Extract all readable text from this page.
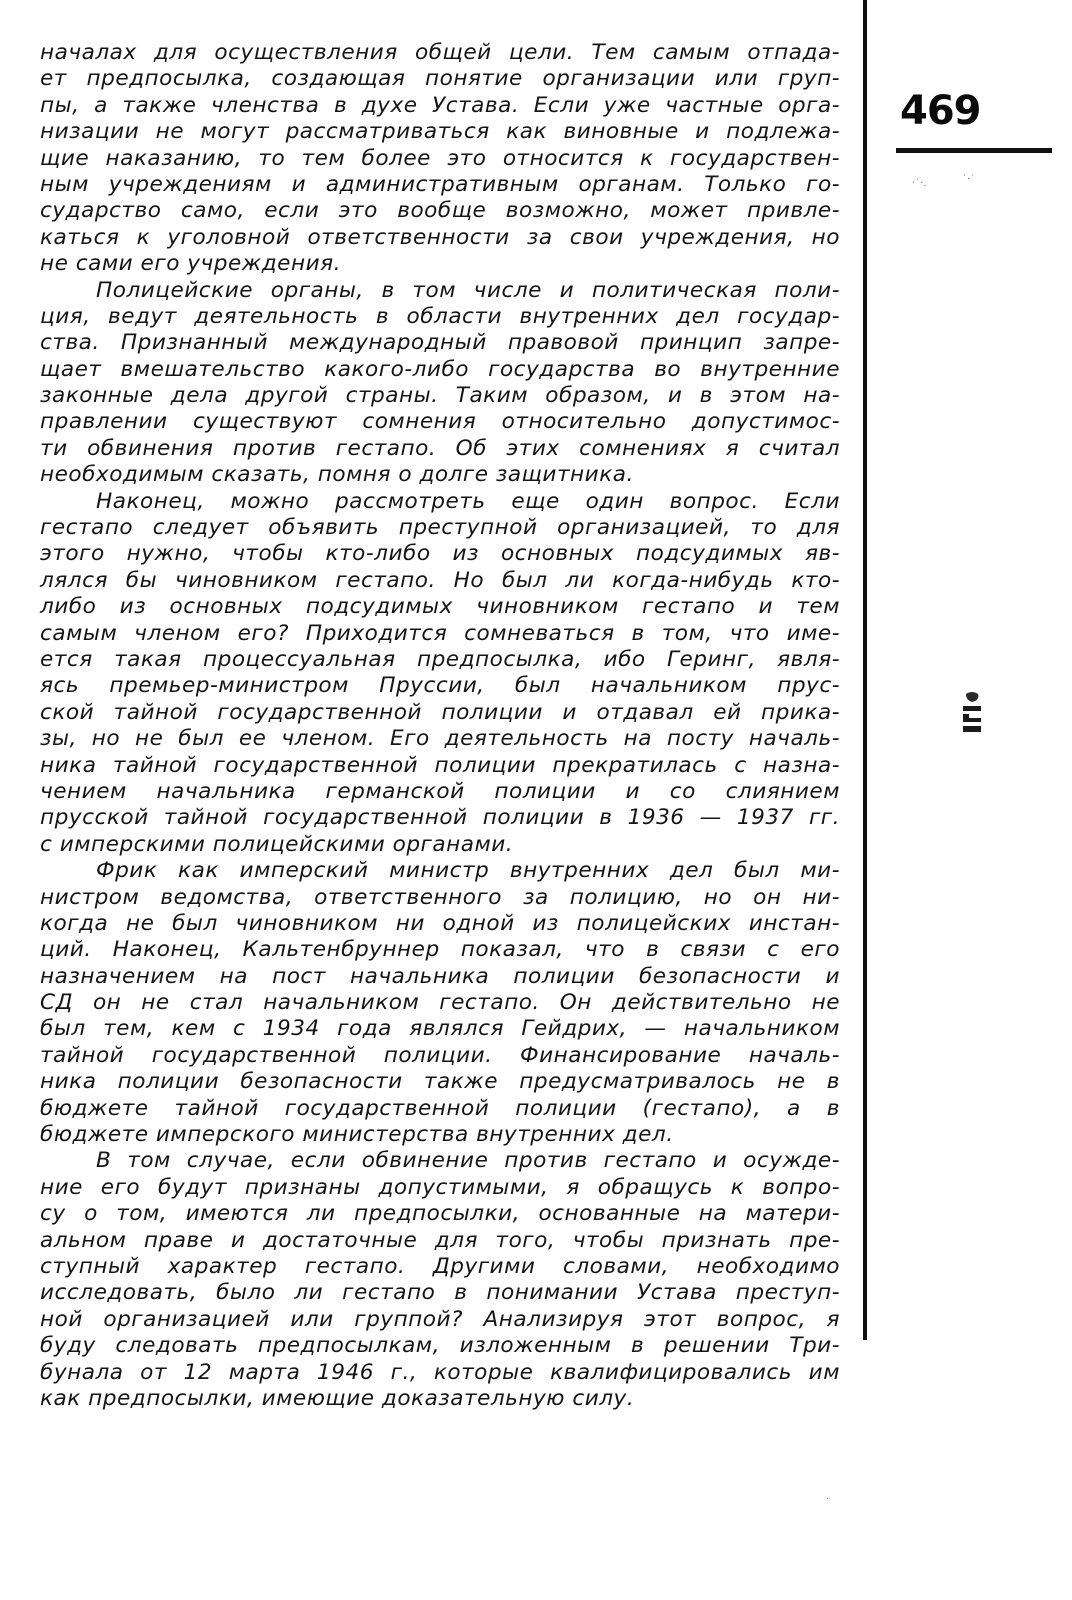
началах для осуществления общей цели. Тем самым отпада-
ет предпосылка, создающая понятие организации или груп-
пы, а также членства в духе Устава. Если уже частные орга-
низации не могут рассматриваться как виновные и подлежа-
щие наказанию, то тем более это относится к государствен-
ным учреждениям и административным органам. Только го-
сударство само, если это вообще возможно, может привле-
каться к уголовной ответственности за свои учреждения, но
не сами его учреждения.
Полицейские органы, в том числе и политическая поли-
ция, ведут деятельность в области внутренних дел государ-
ства. Признанный международный правовой принцип запре-
щает вмешательство какого-либо государства во внутренние
законные дела другой страны. Таким образом, и в этом на-
правлении существуют сомнения относительно допустимос-
ти обвинения против гестапо. Об этих сомнениях я считал
необходимым сказать, помня о долге защитника.
Наконец, можно рассмотреть еще один вопрос. Если
гестапо следует объявить преступной организацией, то для
этого нужно, чтобы кто-либо из основных подсудимых яв-
лялся бы чиновником гестапо. Но был ли когда-нибудь кто-
либо из основных подсудимых чиновником гестапо и тем
самым членом его? Приходится сомневаться в том, что име-
ется такая процессуальная предпосылка, ибо Геринг, явля-
ясь премьер-министром Пруссии, был начальником прус-
ской тайной государственной полиции и отдавал ей прика-
зы, но не был ее членом. Его деятельность на посту началь-
ника тайной государственной полиции прекратилась с назна-
чением начальника германской полиции и со слиянием
прусской тайной государственной полиции в 1936 — 1937 гг.
с имперскими полицейскими органами.
Фрик как имперский министр внутренних дел был ми-
нистром ведомства, ответственного за полицию, но он ни-
когда не был чиновником ни одной из полицейских инстан-
ций. Наконец, Кальтенбруннер показал, что в связи с его
назначением на пост начальника полиции безопасности и
СД он не стал начальником гестапо. Он действительно не
был тем, кем с 1934 года являлся Гейдрих, — начальником
тайной государственной полиции. Финансирование началь-
ника полиции безопасности также предусматривалось не в
бюджете тайной государственной полиции (гестапо), а в
бюджете имперского министерства внутренних дел.
В том случае, если обвинение против гестапо и осужде-
ние его будут признаны допустимыми, я обращусь к вопро-
су о том, имеются ли предпосылки, основанные на матери-
альном праве и достаточные для того, чтобы признать пре-
ступный характер гестапо. Другими словами, необходимо
исследовать, было ли гестапо в понимании Устава преступ-
ной организацией или группой? Анализируя этот вопрос, я
буду следовать предпосылкам, изложенным в решении Три-
бунала от 12 марта 1946 г., которые квалифицировались им
как предпосылки, имеющие доказательную силу.
469
·˙·.	˙·˙
·
